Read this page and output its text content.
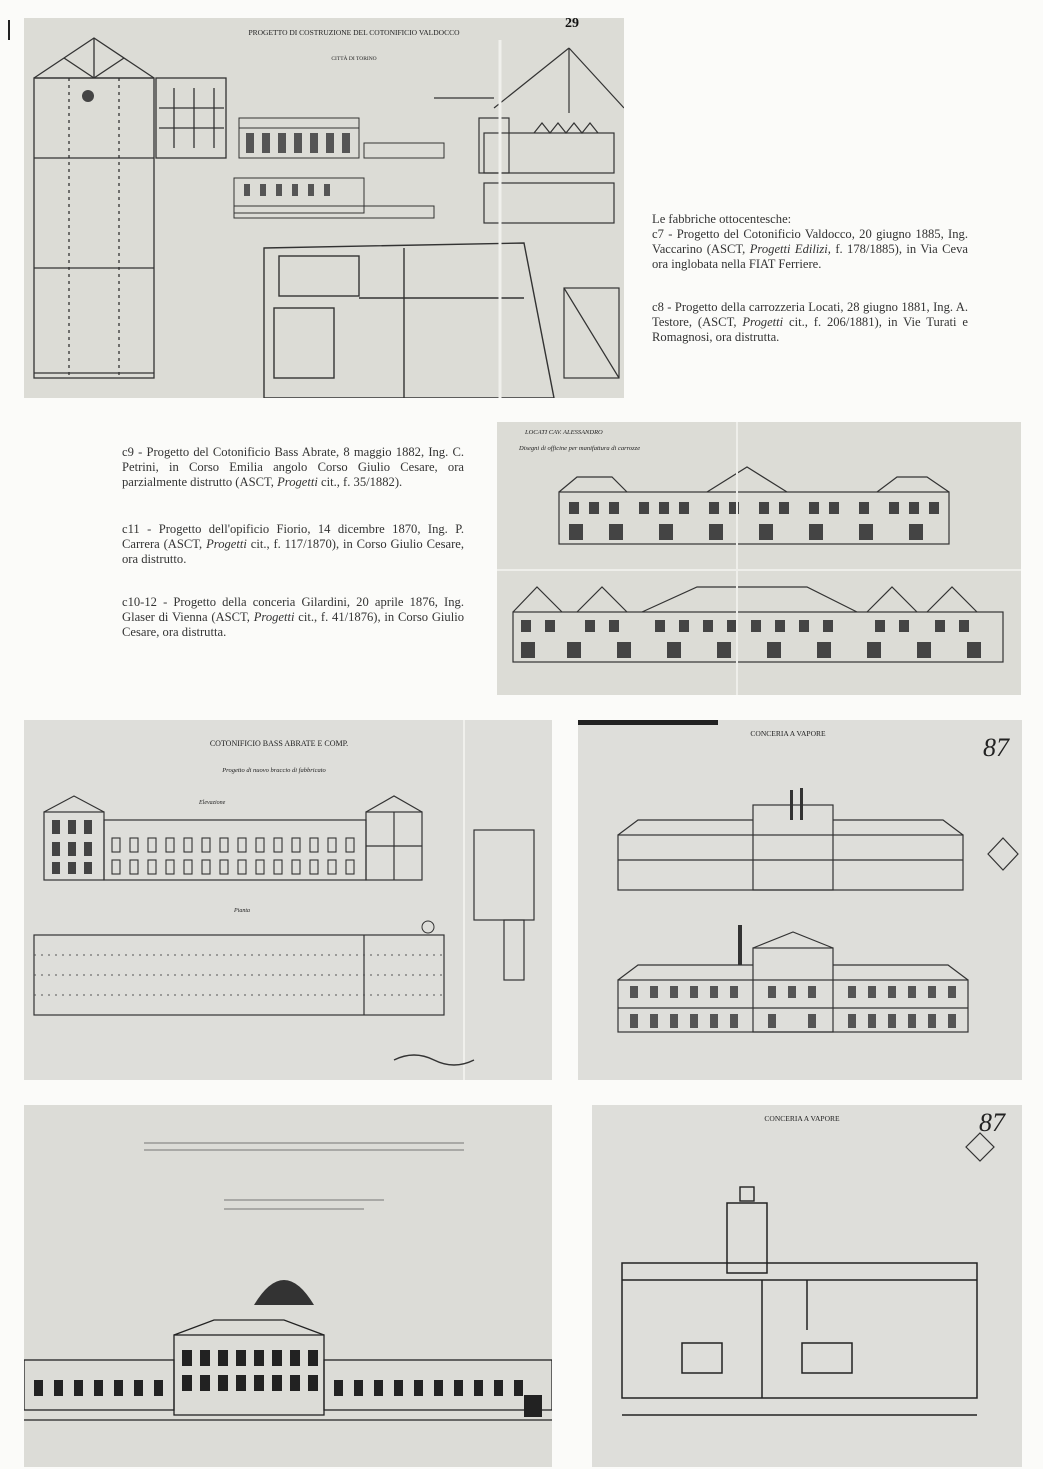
PROGETTO DI COSTRUZIONE DEL COTONIFICIO VALDOCCO
CITTÀ DI TORINO
29

Le fabbriche ottocentesche:

c7 - Progetto del Cotonificio Valdocco, 20 giugno 1885, Ing. Vaccarino (ASCT, Progetti Edilizi, f. 178/1885), in Via Ceva ora inglobata nella FIAT Ferriere.

c8 - Progetto della carrozzeria Locati, 28 giugno 1881, Ing. A. Testore, (ASCT, Progetti cit., f. 206/1881), in Vie Turati e Romagnosi, ora distrutta.

c9 - Progetto del Cotonificio Bass Abrate, 8 maggio 1882, Ing. C. Petrini, in Corso Emilia angolo Corso Giulio Cesare, ora parzialmente distrutto (ASCT, Progetti cit., f. 35/1882).

c11 - Progetto dell'opificio Fiorio, 14 dicembre 1870, Ing. P. Carrera (ASCT, Progetti cit., f. 117/1870), in Corso Giulio Cesare, ora distrutto.

c10-12 - Progetto della conceria Gilardini, 20 aprile 1876, Ing. Glaser di Vienna (ASCT, Progetti cit., f. 41/1876), in Corso Giulio Cesare, ora distrutta.

LOCATI CAV. ALESSANDRO
Disegni di officine per manifattura di carrozze
COTONIFICIO BASS ABRATE E COMP.
Progetto di nuovo braccio di fabbricato
Elevazione
Pianta
CONCERIA A VAPORE	87
CONCERIA A VAPORE	87
